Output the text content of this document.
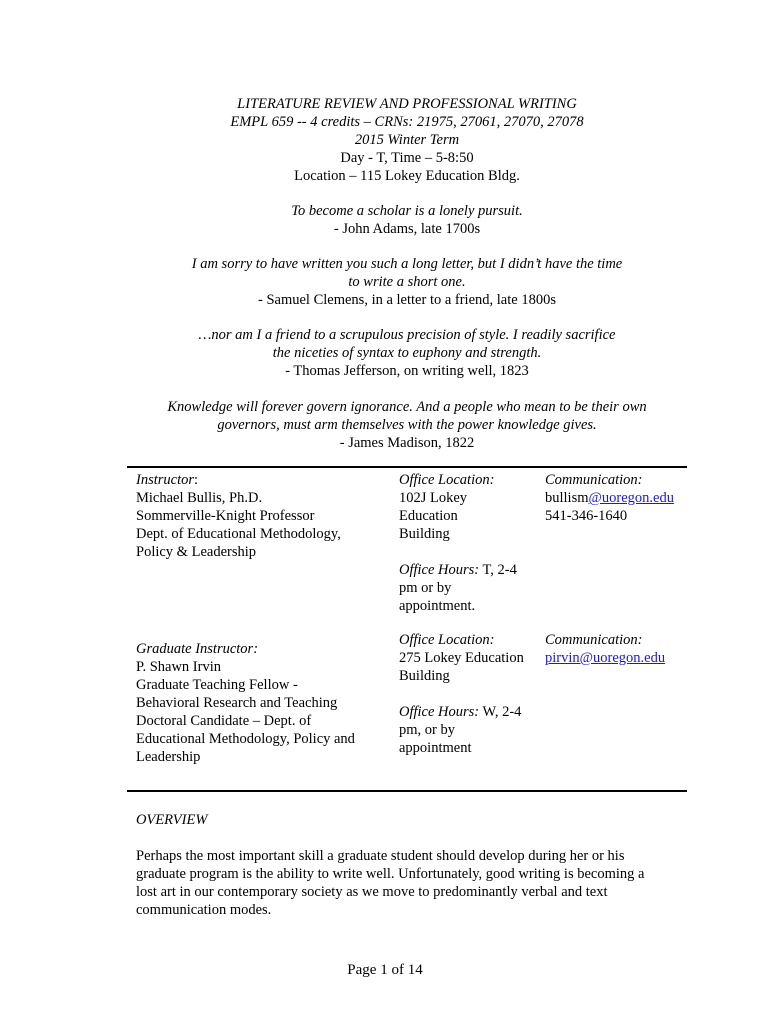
LITERATURE REVIEW AND PROFESSIONAL WRITING
EMPL 659 -- 4 credits – CRNs: 21975, 27061, 27070, 27078
2015 Winter Term
Day - T, Time – 5-8:50
Location – 115 Lokey Education Bldg.
To become a scholar is a lonely pursuit.
- John Adams, late 1700s
I am sorry to have written you such a long letter, but I didn’t have the time
to write a short one.
- Samuel Clemens, in a letter to a friend, late 1800s
…nor am I a friend to a scrupulous precision of style. I readily sacrifice
the niceties of syntax to euphony and strength.
- Thomas Jefferson, on writing well, 1823
Knowledge will forever govern ignorance. And a people who mean to be their own
governors, must arm themselves with the power knowledge gives.
- James Madison, 1822
Instructor:
Michael Bullis, Ph.D.
Sommerville-Knight Professor
Dept. of Educational Methodology,
Policy & Leadership
Office Location:
102J Lokey
Education
Building
Office Hours: T, 2-4
pm or by
appointment.
Communication:
bullism@uoregon.edu
541-346-1640
Graduate Instructor:
P. Shawn Irvin
Graduate Teaching Fellow -
Behavioral Research and Teaching
Doctoral Candidate – Dept. of
Educational Methodology, Policy and
Leadership
Office Location:
275 Lokey Education
Building
Office Hours: W, 2-4
pm, or by
appointment
Communication:
pirvin@uoregon.edu
OVERVIEW
Perhaps the most important skill a graduate student should develop during her or his
graduate program is the ability to write well. Unfortunately, good writing is becoming a
lost art in our contemporary society as we move to predominantly verbal and text
communication modes.
Page 1 of 14
